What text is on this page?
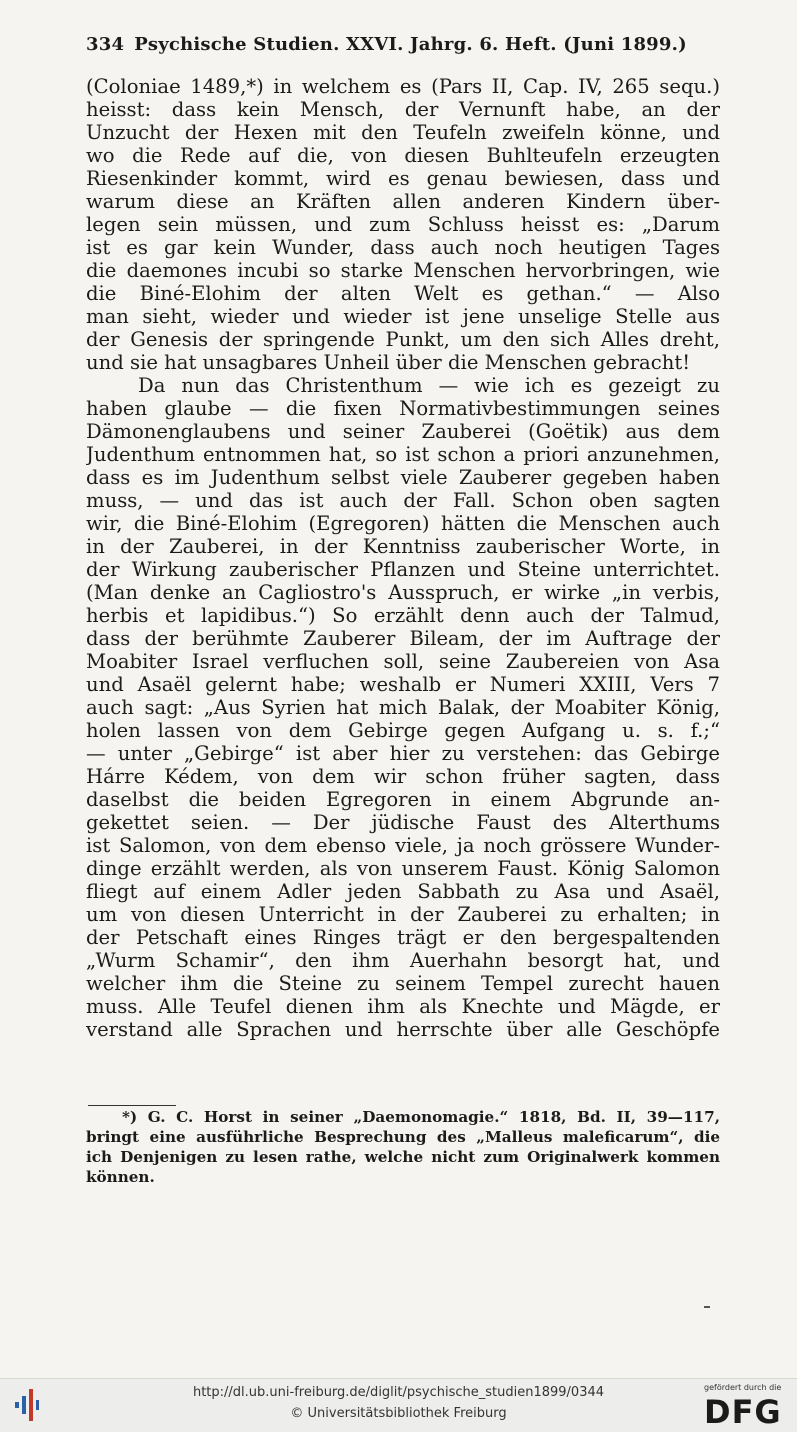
334 Psychische Studien. XXVI. Jahrg. 6. Heft. (Juni 1899.)
(Coloniae 1489,*) in welchem es (Pars II, Cap. IV, 265 sequ.)
heisst: dass kein Mensch, der Vernunft habe, an der
Unzucht der Hexen mit den Teufeln zweifeln könne, und
wo die Rede auf die, von diesen Buhlteufeln erzeugten
Riesenkinder kommt, wird es genau bewiesen, dass und
warum diese an Kräften allen anderen Kindern über-
legen sein müssen, und zum Schluss heisst es: „Darum
ist es gar kein Wunder, dass auch noch heutigen Tages
die daemones incubi so starke Menschen hervorbringen, wie
die Biné-Elohim der alten Welt es gethan.“ — Also
man sieht, wieder und wieder ist jene unselige Stelle aus
der Genesis der springende Punkt, um den sich Alles dreht,
und sie hat unsagbares Unheil über die Menschen gebracht!
Da nun das Christenthum — wie ich es gezeigt zu
haben glaube — die fixen Normativbestimmungen seines
Dämonenglaubens und seiner Zauberei (Goëtik) aus dem
Judenthum entnommen hat, so ist schon a priori anzunehmen,
dass es im Judenthum selbst viele Zauberer gegeben haben
muss, — und das ist auch der Fall. Schon oben sagten
wir, die Biné-Elohim (Egregoren) hätten die Menschen auch
in der Zauberei, in der Kenntniss zauberischer Worte, in
der Wirkung zauberischer Pflanzen und Steine unterrichtet.
(Man denke an Cagliostro's Ausspruch, er wirke „in verbis,
herbis et lapidibus.“) So erzählt denn auch der Talmud,
dass der berühmte Zauberer Bileam, der im Auftrage der
Moabiter Israel verfluchen soll, seine Zaubereien von Asa
und Asaël gelernt habe; weshalb er Numeri XXIII, Vers 7
auch sagt: „Aus Syrien hat mich Balak, der Moabiter König,
holen lassen von dem Gebirge gegen Aufgang u. s. f.;“
— unter „Gebirge“ ist aber hier zu verstehen: das Gebirge
Hárre Kédem, von dem wir schon früher sagten, dass
daselbst die beiden Egregoren in einem Abgrunde an-
gekettet seien. — Der jüdische Faust des Alterthums
ist Salomon, von dem ebenso viele, ja noch grössere Wunder-
dinge erzählt werden, als von unserem Faust. König Salomon
fliegt auf einem Adler jeden Sabbath zu Asa und Asaël,
um von diesen Unterricht in der Zauberei zu erhalten; in
der Petschaft eines Ringes trägt er den bergespaltenden
„Wurm Schamir“, den ihm Auerhahn besorgt hat, und
welcher ihm die Steine zu seinem Tempel zurecht hauen
muss. Alle Teufel dienen ihm als Knechte und Mägde, er
verstand alle Sprachen und herrschte über alle Geschöpfe
*) G. C. Horst in seiner „Daemonomagie.“ 1818, Bd. II, 39—117,
bringt eine ausführliche Besprechung des „Malleus maleficarum“, die
ich Denjenigen zu lesen rathe, welche nicht zum Originalwerk kommen
können.
http://dl.ub.uni-freiburg.de/diglit/psychische_studien1899/0344
© Universitätsbibliothek Freiburg
gefördert durch die
DFG
